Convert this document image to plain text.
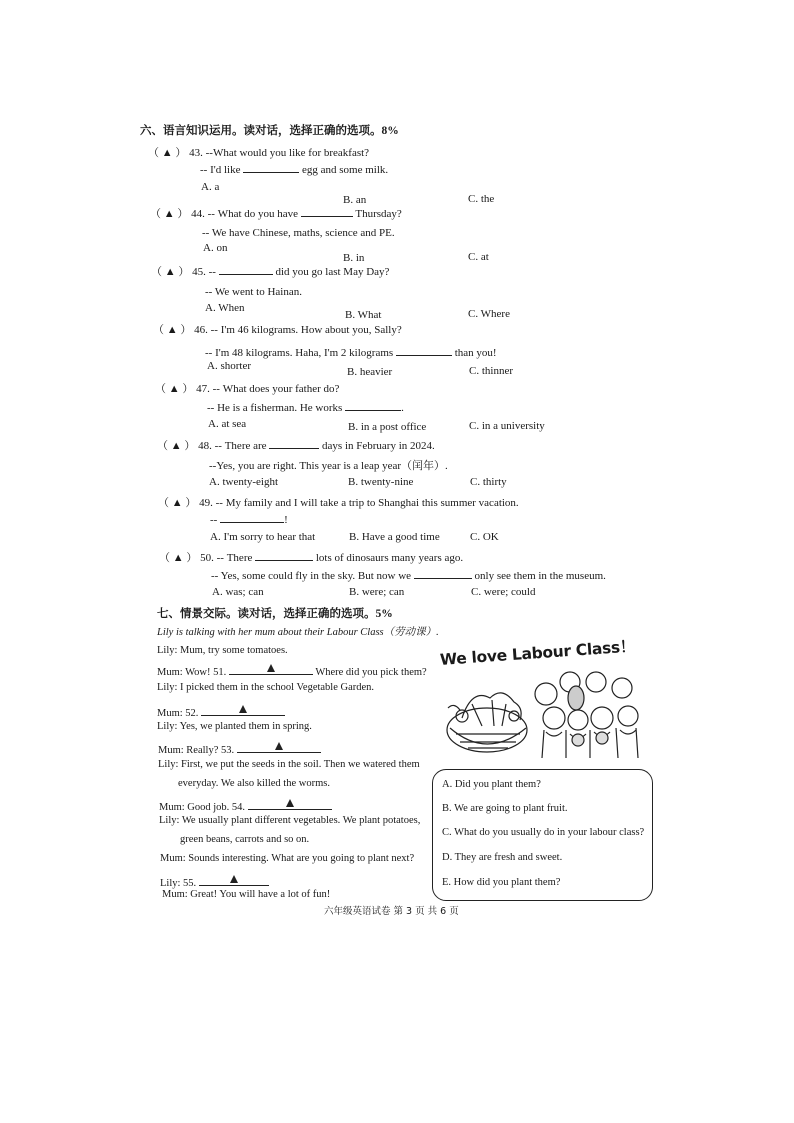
六、语言知识运用。读对话，选择正确的选项。8%
（ ▲ ） 43. --What would you like for breakfast?
-- I'd like	egg and some milk.
A. a
B. an	C. the
（ ▲ ） 44. -- What do you have	Thursday?
-- We have Chinese, maths, science and PE.
A. on
B. in	C. at
（ ▲ ） 45. --	did you go last May Day?
-- We went to Hainan.
A. When
B. What	C. Where
（ ▲ ） 46. -- I'm 46 kilograms. How about you, Sally?
-- I'm 48 kilograms. Haha, I'm 2 kilograms	than you!
A. shorter	B. heavier	C. thinner
（ ▲ ） 47. -- What does your father do?
-- He is a fisherman. He works	.
A. at sea	B. in a post office	C. in a university
（ ▲ ） 48. -- There are	days in February in 2024.
--Yes, you are right. This year is a leap year（闰年）.
A. twenty-eight	B. twenty-nine	C. thirty
（ ▲ ） 49. -- My family and I will take a trip to Shanghai this summer vacation.
--	!
A. I'm sorry to hear that	B. Have a good time	C. OK
（ ▲ ） 50. -- There	lots of dinosaurs many years ago.
-- Yes, some could fly in the sky. But now we	only see them in the museum.
A. was; can	B. were; can	C. were; could
七、情景交际。读对话，选择正确的选项。5%
Lily is talking with her mum about their Labour Class（劳动课）.
Lily: Mum, try some tomatoes.
Mum: Wow! 51.	Where did you pick them?
Lily: I picked them in the school Vegetable Garden.
Mum: 52.
Lily: Yes, we planted them in spring.
Mum: Really? 53.
Lily: First, we put the seeds in the soil. Then we watered them
everyday. We also killed the worms.
Mum: Good job. 54.
Lily: We usually plant different vegetables. We plant potatoes,
green beans, carrots and so on.
Mum: Sounds interesting. What are you going to plant next?
Lily: 55.
Mum: Great! You will have a lot of fun!
We love Labour Class！
A. Did you plant them?
B. We are going to plant fruit.
C. What do you usually do in your labour class?
D. They are fresh and sweet.
E. How did you plant them?
六年级英语试卷 第 3 页 共 6 页
